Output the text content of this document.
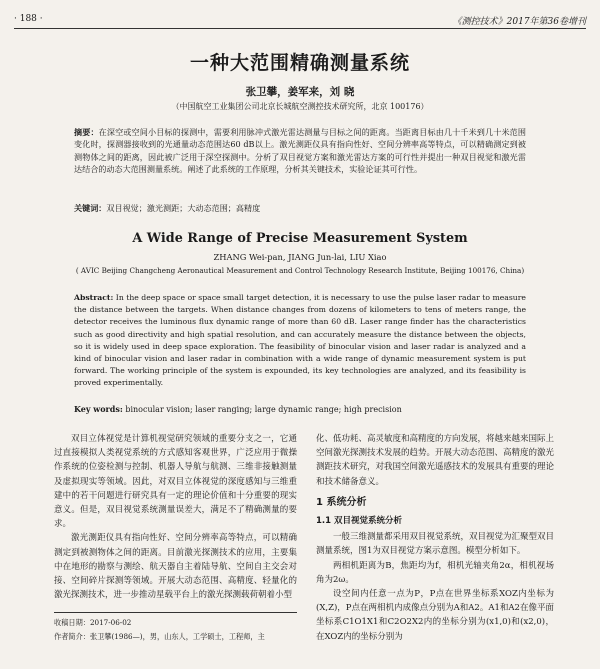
· 188 ·	《测控技术》2017年第36卷增刊
一种大范围精确测量系统
张卫攀，姜军来，刘 晓
（中国航空工业集团公司北京长城航空测控技术研究所，北京 100176）
摘要：在深空或空间小目标的探测中，需要利用脉冲式激光雷达测量与目标之间的距离。当距离目标由几十千米到几十米范围变化时，探测器接收到的光通量动态范围达60 dB以上。激光测距仪具有指向性好、空间分辨率高等特点，可以精确测定到被测物体之间的距离，因此被广泛用于深空探测中。分析了双目视觉方案和激光雷达方案的可行性并提出一种双目视觉和激光雷达结合的动态大范围测量系统。阐述了此系统的工作原理，分析其关键技术，实验论证其可行性。
关键词：双目视觉；激光测距；大动态范围；高精度
A Wide Range of Precise Measurement System
ZHANG Wei-pan, JIANG Jun-lai, LIU Xiao
( AVIC Beijing Changcheng Aeronautical Measurement and Control Technology Research Institute, Beijing 100176, China)
Abstract: In the deep space or space small target detection, it is necessary to use the pulse laser radar to measure the distance between the targets. When distance changes from dozens of kilometers to tens of meters range, the detector receives the luminous flux dynamic range of more than 60 dB. Laser range finder has the characteristics such as good directivity and high spatial resolution, and can accurately measure the distance between the objects, so it is widely used in deep space exploration. The feasibility of binocular vision and laser radar is analyzed and a kind of binocular vision and laser radar in combination with a wide range of dynamic measurement system is put forward. The working principle of the system is expounded, its key technologies are analyzed, and its feasibility is proved experimentally.
Key words: binocular vision; laser ranging; large dynamic range; high precision

双目立体视觉是计算机视觉研究领域的重要分支之一，它通过直接模拟人类视觉系统的方式感知客观世界，广泛应用于微操作系统的位姿检测与控制、机器人导航与航测、三维非接触测量及虚拟现实等领域。因此，对双目立体视觉的深度感知与三维重建中的若干问题进行研究具有一定的理论价值和十分重要的现实意义。但是，双目视觉系统测量误差大，满足不了精确测量的要求。

激光测距仪具有指向性好、空间分辨率高等特点，可以精确测定到被测物体之间的距离。目前激光探测技术的应用，主要集中在地形的勘察与测绘、航天器自主着陆导航、空间自主交会对接、空间碎片探测等领域。开展大动态范围、高精度、轻量化的激光探测技术，进一步推动星载平台上的激光探测载荷朝着小型

化、低功耗、高灵敏度和高精度的方向发展，将越来越来国际上空间激光探测技术发展的趋势。开展大动态范围、高精度的激光测距技术研究，对我国空间激光遥感技术的发展具有重要的理论和技术储备意义。

1 系统分析
1.1 双目视觉系统分析

一般三维测量都采用双目视觉系统，双目视觉为汇聚型双目测量系统，图1为双目视觉方案示意图。模型分析如下。

两相机距离为B，焦距均为f，相机光轴夹角2α，相机视场角为2ω。

设空间内任意一点为P，P点在世界坐标系XOZ内坐标为(X,Z)，P点在两相机内成像点分别为A和A2。A1和A2在像平面坐标系C1O1X1和C2O2X2内的坐标分别为(x1,0)和(x2,0)，在XOZ内的坐标分别为

收稿日期：2017-06-02
作者简介：张卫攀(1986—)，男，山东人，工学硕士，工程师，主
